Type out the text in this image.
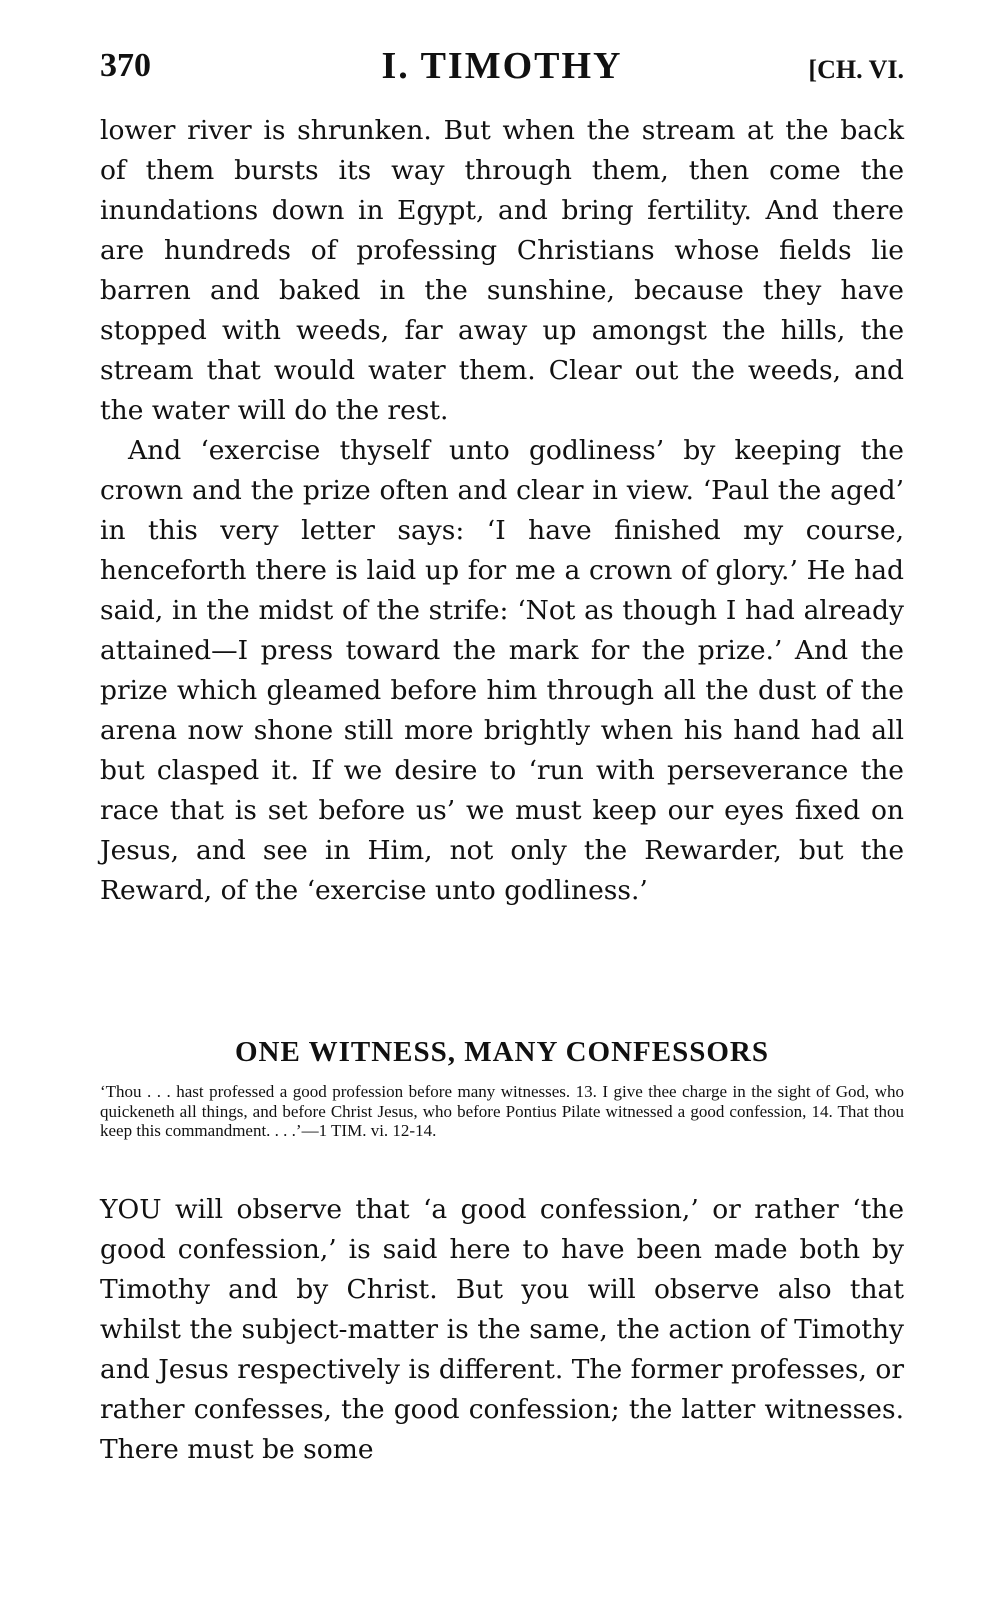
370	I. TIMOTHY	[CH. VI.

lower river is shrunken. But when the stream at the back of them bursts its way through them, then come the inundations down in Egypt, and bring fertility. And there are hundreds of professing Christians whose fields lie barren and baked in the sunshine, because they have stopped with weeds, far away up amongst the hills, the stream that would water them. Clear out the weeds, and the water will do the rest.

And ‘exercise thyself unto godliness’ by keeping the crown and the prize often and clear in view. ‘Paul the aged’ in this very letter says: ‘I have finished my course, henceforth there is laid up for me a crown of glory.’ He had said, in the midst of the strife: ‘Not as though I had already attained—I press toward the mark for the prize.’ And the prize which gleamed before him through all the dust of the arena now shone still more brightly when his hand had all but clasped it. If we desire to ‘run with perseverance the race that is set before us’ we must keep our eyes fixed on Jesus, and see in Him, not only the Rewarder, but the Reward, of the ‘exercise unto godliness.’

ONE WITNESS, MANY CONFESSORS

‘Thou . . . hast professed a good profession before many witnesses. 13. I give thee charge in the sight of God, who quickeneth all things, and before Christ Jesus, who before Pontius Pilate witnessed a good confession, 14. That thou keep this commandment. . . .’—1 TIM. vi. 12-14.

YOU will observe that ‘a good confession,’ or rather ‘the good confession,’ is said here to have been made both by Timothy and by Christ. But you will observe also that whilst the subject-matter is the same, the action of Timothy and Jesus respectively is different. The former professes, or rather confesses, the good confession; the latter witnesses. There must be some
